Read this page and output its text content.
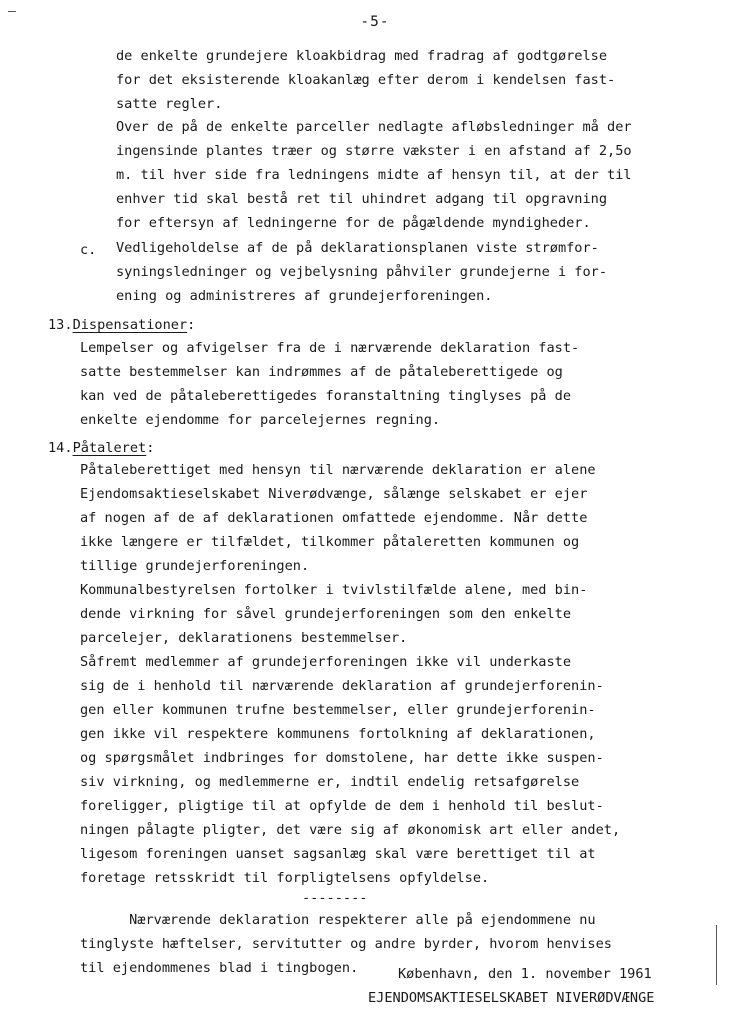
—
-5-
de enkelte grundejere kloakbidrag med fradrag af godtgørelse
for det eksisterende kloakanlæg efter derom i kendelsen fast-
satte regler.
Over de på de enkelte parceller nedlagte afløbsledninger må der
ingensinde plantes træer og større vækster i en afstand af 2,5o
m. til hver side fra ledningens midte af hensyn til, at der til
enhver tid skal bestå ret til uhindret adgang til opgravning
for eftersyn af ledningerne for de pågældende myndigheder.
c. Vedligeholdelse af de på deklarationsplanen viste strømfor-
syningsledninger og vejbelysning påhviler grundejerne i for-
ening og administreres af grundejerforeningen.
13.Dispensationer:
Lempelser og afvigelser fra de i nærværende deklaration fast-
satte bestemmelser kan indrømmes af de påtaleberettigede og
kan ved de påtaleberettigedes foranstaltning tinglyses på de
enkelte ejendomme for parcelejernes regning.
14.Påtaleret:
Påtaleberettiget med hensyn til nærværende deklaration er alene
Ejendomsaktieselskabet Niverødvænge, sålænge selskabet er ejer
af nogen af de af deklarationen omfattede ejendomme. Når dette
ikke længere er tilfældet, tilkommer påtaleretten kommunen og
tillige grundejerforeningen.
Kommunalbestyrelsen fortolker i tvivlstilfælde alene, med bin-
dende virkning for såvel grundejerforeningen som den enkelte
parcelejer, deklarationens bestemmelser.
Såfremt medlemmer af grundejerforeningen ikke vil underkaste
sig de i henhold til nærværende deklaration af grundejerforenin-
gen eller kommunen trufne bestemmelser, eller grundejerforenin-
gen ikke vil respektere kommunens fortolkning af deklarationen,
og spørgsmålet indbringes for domstolene, har dette ikke suspen-
siv virkning, og medlemmerne er, indtil endelig retsafgørelse
foreligger, pligtige til at opfylde de dem i henhold til beslut-
ningen pålagte pligter, det være sig af økonomisk art eller andet,
ligesom foreningen uanset sagsanlæg skal være berettiget til at
foretage retsskridt til forpligtelsens opfyldelse.
--------
Nærværende deklaration respekterer alle på ejendommene nu
tinglyste hæftelser, servitutter og andre byrder, hvorom henvises
til ejendommenes blad i tingbogen.	København, den 1. november 1961
EJENDOMSAKTIESELSKABET NIVERØDVÆNGE
